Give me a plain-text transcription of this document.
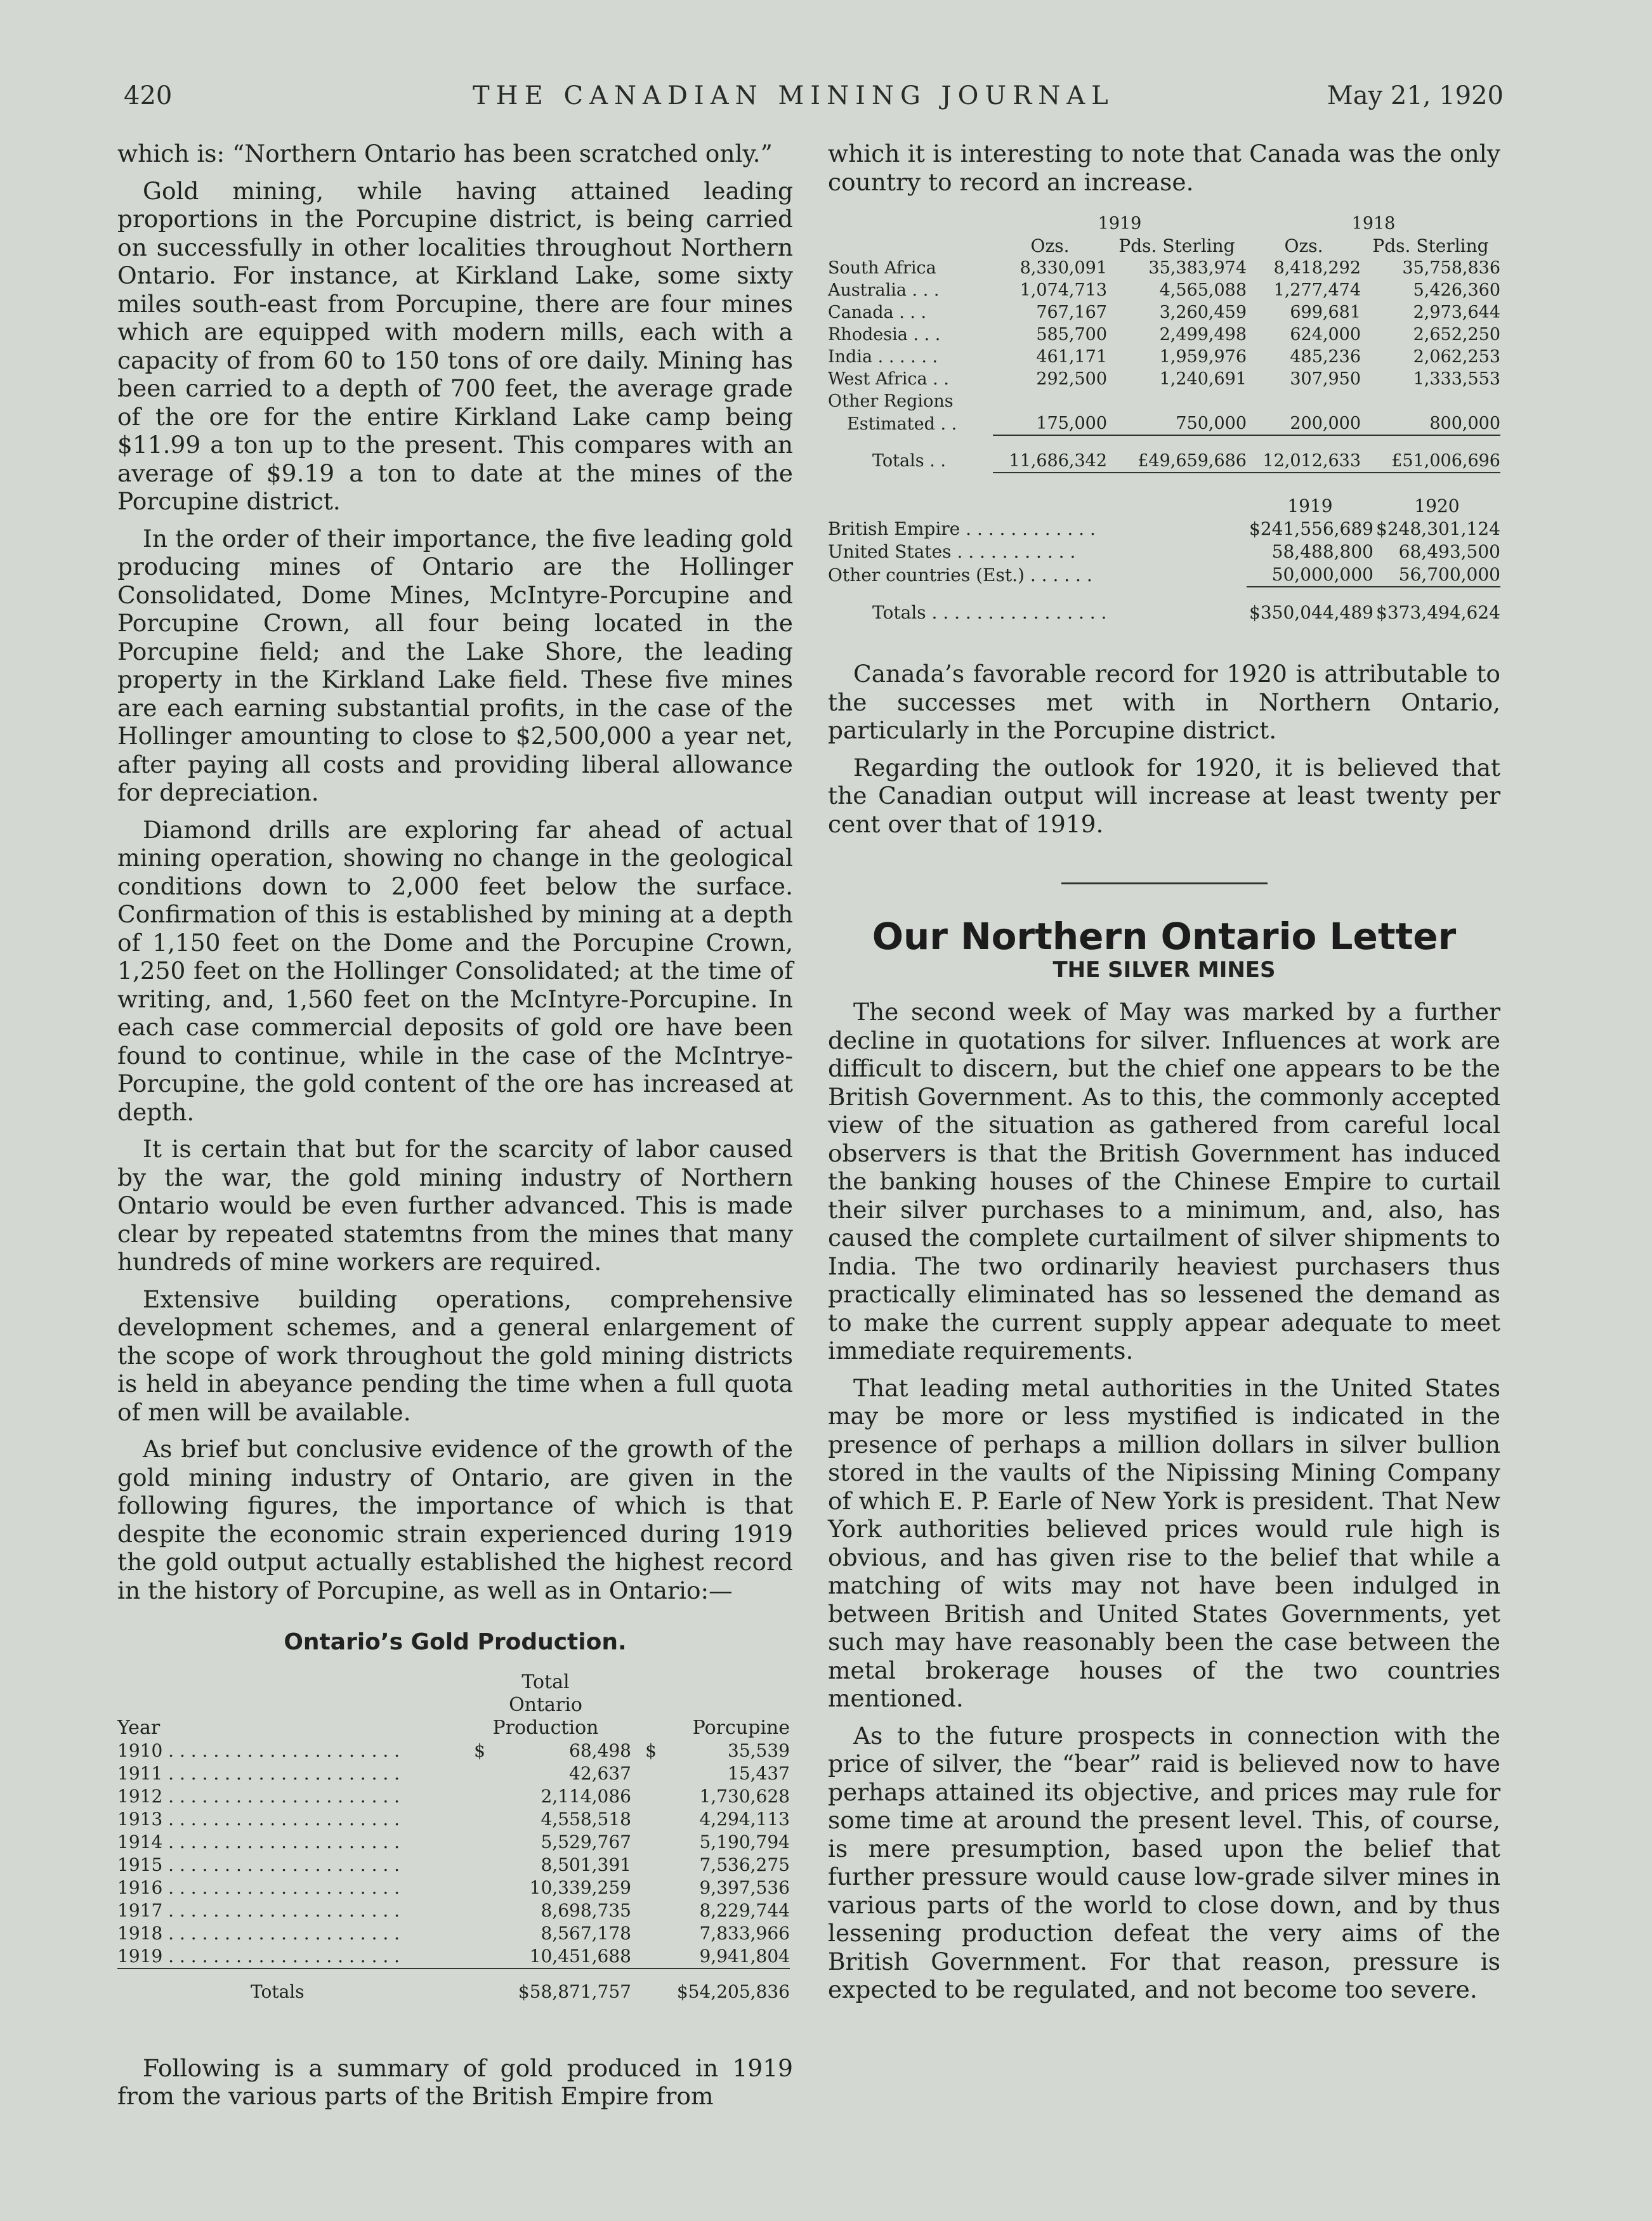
420	THE CANADIAN MINING JOURNAL	May 21, 1920

which is: “Northern Ontario has been scratched only.”

Gold mining, while having attained leading proportions in the Porcupine district, is being carried on successfully in other localities throughout Northern Ontario. For instance, at Kirkland Lake, some sixty miles south-east from Porcupine, there are four mines which are equipped with modern mills, each with a capacity of from 60 to 150 tons of ore daily. Mining has been carried to a depth of 700 feet, the average grade of the ore for the entire Kirkland Lake camp being $11.99 a ton up to the present. This compares with an average of $9.19 a ton to date at the mines of the Porcupine district.

In the order of their importance, the five leading gold producing mines of Ontario are the Hollinger Consolidated, Dome Mines, McIntyre-Porcupine and Porcupine Crown, all four being located in the Porcupine field; and the Lake Shore, the leading property in the Kirkland Lake field. These five mines are each earning substantial profits, in the case of the Hollinger amounting to close to $2,500,000 a year net, after paying all costs and providing liberal allowance for depreciation.

Diamond drills are exploring far ahead of actual mining operation, showing no change in the geological conditions down to 2,000 feet below the surface. Confirmation of this is established by mining at a depth of 1,150 feet on the Dome and the Porcupine Crown, 1,250 feet on the Hollinger Consolidated; at the time of writing, and, 1,560 feet on the McIntyre-Porcupine. In each case commercial deposits of gold ore have been found to continue, while in the case of the McIntrye-Porcupine, the gold content of the ore has increased at depth.

It is certain that but for the scarcity of labor caused by the war, the gold mining industry of Northern Ontario would be even further advanced. This is made clear by repeated statemtns from the mines that many hundreds of mine workers are required.

Extensive building operations, comprehensive development schemes, and a general enlargement of the scope of work throughout the gold mining districts is held in abeyance pending the time when a full quota of men will be available.

As brief but conclusive evidence of the growth of the gold mining industry of Ontario, are given in the following figures, the importance of which is that despite the economic strain experienced during 1919 the gold output actually established the highest record in the history of Porcupine, as well as in Ontario:—

Ontario’s Gold Production.
Year	Total
Ontario Production		Porcupine	
1910 . . . . . . . . . . . . . . . . . . . . .	$	68,498	$	35,539
1911 . . . . . . . . . . . . . . . . . . . . .		42,637		15,437
1912 . . . . . . . . . . . . . . . . . . . . .		2,114,086		1,730,628
1913 . . . . . . . . . . . . . . . . . . . . .		4,558,518		4,294,113
1914 . . . . . . . . . . . . . . . . . . . . .		5,529,767		5,190,794
1915 . . . . . . . . . . . . . . . . . . . . .		8,501,391		7,536,275
1916 . . . . . . . . . . . . . . . . . . . . .		10,339,259		9,397,536
1917 . . . . . . . . . . . . . . . . . . . . .		8,698,735		8,229,744
1918 . . . . . . . . . . . . . . . . . . . . .		8,567,178		7,833,966
1919 . . . . . . . . . . . . . . . . . . . . .		10,451,688		9,941,804
Totals	$58,871,757		$54,205,836	

Following is a summary of gold produced in 1919 from the various parts of the British Empire from

which it is interesting to note that Canada was the only country to record an increase.

	1919		1918	
	Ozs.	Pds. Sterling	Ozs.	Pds. Sterling
South Africa	8,330,091	35,383,974	8,418,292	35,758,836
Australia . . .	1,074,713	4,565,088	1,277,474	5,426,360
Canada . . .	767,167	3,260,459	699,681	2,973,644
Rhodesia . . .	585,700	2,499,498	624,000	2,652,250
India . . . . . .	461,171	1,959,976	485,236	2,062,253
West Africa . .	292,500	1,240,691	307,950	1,333,553
Other Regions				
Estimated . .	175,000	750,000	200,000	800,000
Totals . .	11,686,342	£49,659,686	12,012,633	£51,006,696
	1919	1920
British Empire . . . . . . . . . . . .	$241,556,689	$248,301,124
United States . . . . . . . . . . .	58,488,800	68,493,500
Other countries (Est.) . . . . . .	50,000,000	56,700,000
Totals . . . . . . . . . . . . . . . .	$350,044,489	$373,494,624

Canada’s favorable record for 1920 is attributable to the successes met with in Northern Ontario, particularly in the Porcupine district.

Regarding the outlook for 1920, it is believed that the Canadian output will increase at least twenty per cent over that of 1919.

Our Northern Ontario Letter
THE SILVER MINES

The second week of May was marked by a further decline in quotations for silver. Influences at work are difficult to discern, but the chief one appears to be the British Government. As to this, the commonly accepted view of the situation as gathered from careful local observers is that the British Government has induced the banking houses of the Chinese Empire to curtail their silver purchases to a minimum, and, also, has caused the complete curtailment of silver shipments to India. The two ordinarily heaviest purchasers thus practically eliminated has so lessened the demand as to make the current supply appear adequate to meet immediate requirements.

That leading metal authorities in the United States may be more or less mystified is indicated in the presence of perhaps a million dollars in silver bullion stored in the vaults of the Nipissing Mining Company of which E. P. Earle of New York is president. That New York authorities believed prices would rule high is obvious, and has given rise to the belief that while a matching of wits may not have been indulged in between British and United States Governments, yet such may have reasonably been the case between the metal brokerage houses of the two countries mentioned.

As to the future prospects in connection with the price of silver, the “bear” raid is believed now to have perhaps attained its objective, and prices may rule for some time at around the present level. This, of course, is mere presumption, based upon the belief that further pressure would cause low-grade silver mines in various parts of the world to close down, and by thus lessening production defeat the very aims of the British Government. For that reason, pressure is expected to be regulated, and not become too severe.
